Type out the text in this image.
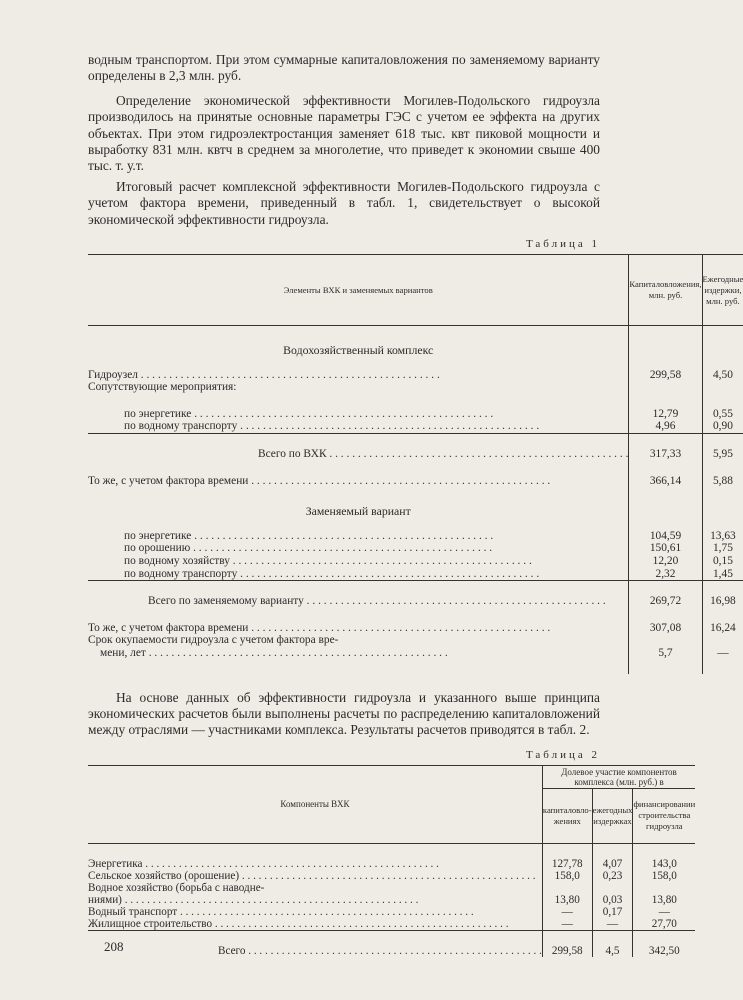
водным транспортом. При этом суммарные капиталовложения по заменяемому варианту определены в 2,3 млн. руб.

Определение экономической эффективности Могилев-Подольского гидроузла производилось на принятые основные параметры ГЭС с учетом ее эффекта на других объектах. При этом гидроэлектростанция заменяет 618 тыс. квт пиковой мощности и выработку 831 млн. квтч в среднем за многолетие, что приведет к экономии свыше 400 тыс. т. у.т.

Итоговый расчет комплексной эффективности Могилев-Подольского гидроузла с учетом фактора времени, приведенный в табл. 1, свидетельствует о высокой экономической эффективности гидроузла.

Таблица 1
Элементы ВХК и заменяемых вариантов	Капиталовложения, млн. руб.	Ежегодные издержки, млн. руб.
Водохозяйственный комплекс		

Гидроузел . . .	299,58	4,50
Сопутствующие мероприятия:		

по энергетике . . .	12,79	0,55

по водному транспорту . . .	4,96	0,90

Всего по ВХК . . .	317,33	5,95

То же, с учетом фактора времени . . .	366,14	5,88
Заменяемый вариант		

по энергетике . . .	104,59	13,63

по орошению . . .	150,61	1,75

по водному хозяйству . . .	12,20	0,15

по водному транспорту . . .	2,32	1,45

Всего по заменяемому варианту . . .	269,72	16,98

То же, с учетом фактора времени . . .	307,08	16,24
Срок окупаемости гидроузла с учетом фактора вре-		

мени, лет . . .	5,7	—

На основе данных об эффективности гидроузла и указанного выше принципа экономических расчетов были выполнены расчеты по распределению капиталовложений между отраслями — участниками комплекса. Результаты расчетов приводятся в табл. 2.

Таблица 2
Компоненты ВХК	Долевое участие компонентов комплекса (млн. руб.) в		
	капиталовло-жениях	ежегодных издержках	финансировании строительства гидроузла

Энергетика . . .	127,78	4,07	143,0

Сельское хозяйство (орошение) . . .	158,0	0,23	158,0
Водное хозяйство (борьба с наводне-			

ниями) . . .	13,80	0,03	13,80

Водный транспорт . . .	—	0,17	—

Жилищное строительство . . .	—	—	27,70

Всего . . .	299,58	4,5	342,50
208
